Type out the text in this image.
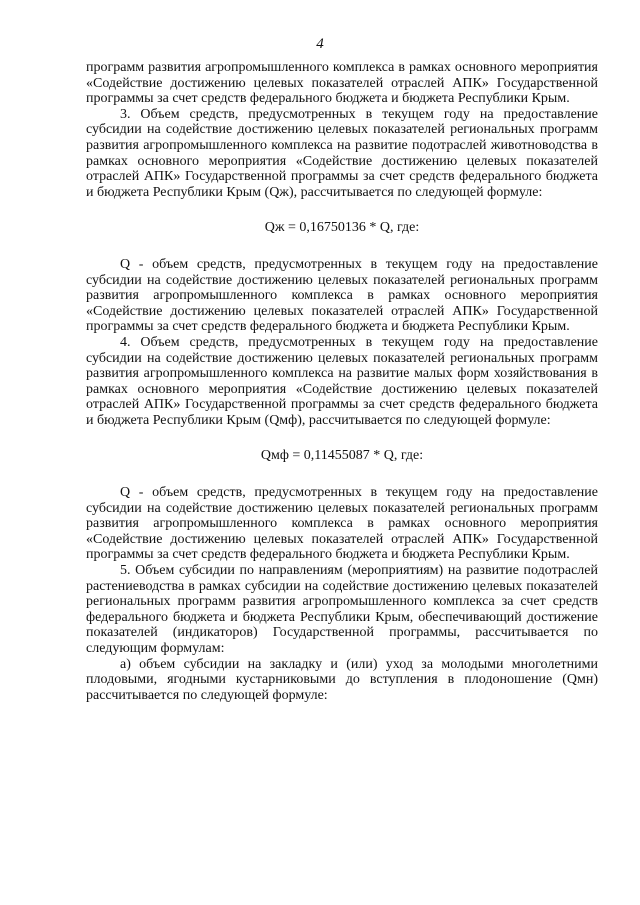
4

программ развития агропромышленного комплекса в рамках основного мероприятия «Содействие достижению целевых показателей отраслей АПК» Государственной программы за счет средств федерального бюджета и бюджета Республики Крым.

3. Объем средств, предусмотренных в текущем году на предоставление субсидии на содействие достижению целевых показателей региональных программ развития агропромышленного комплекса на развитие подотраслей животноводства в рамках основного мероприятия «Содействие достижению целевых показателей отраслей АПК» Государственной программы за счет средств федерального бюджета и бюджета Республики Крым (Qж), рассчитывается по следующей формуле:

Qж = 0,16750136 * Q, где:

Q - объем средств, предусмотренных в текущем году на предоставление субсидии на содействие достижению целевых показателей региональных программ развития агропромышленного комплекса в рамках основного мероприятия «Содействие достижению целевых показателей отраслей АПК» Государственной программы за счет средств федерального бюджета и бюджета Республики Крым.

4. Объем средств, предусмотренных в текущем году на предоставление субсидии на содействие достижению целевых показателей региональных программ развития агропромышленного комплекса на развитие малых форм хозяйствования в рамках основного мероприятия «Содействие достижению целевых показателей отраслей АПК» Государственной программы за счет средств федерального бюджета и бюджета Республики Крым (Qмф), рассчитывается по следующей формуле:

Qмф = 0,11455087 * Q, где:

Q - объем средств, предусмотренных в текущем году на предоставление субсидии на содействие достижению целевых показателей региональных программ развития агропромышленного комплекса в рамках основного мероприятия «Содействие достижению целевых показателей отраслей АПК» Государственной программы за счет средств федерального бюджета и бюджета Республики Крым.

5. Объем субсидии по направлениям (мероприятиям) на развитие подотраслей растениеводства в рамках субсидии на содействие достижению целевых показателей региональных программ развития агропромышленного комплекса за счет средств федерального бюджета и бюджета Республики Крым, обеспечивающий достижение показателей (индикаторов) Государственной программы, рассчитывается по следующим формулам:

а) объем субсидии на закладку и (или) уход за молодыми многолетними плодовыми, ягодными кустарниковыми до вступления в плодоношение (Qмн) рассчитывается по следующей формуле:
